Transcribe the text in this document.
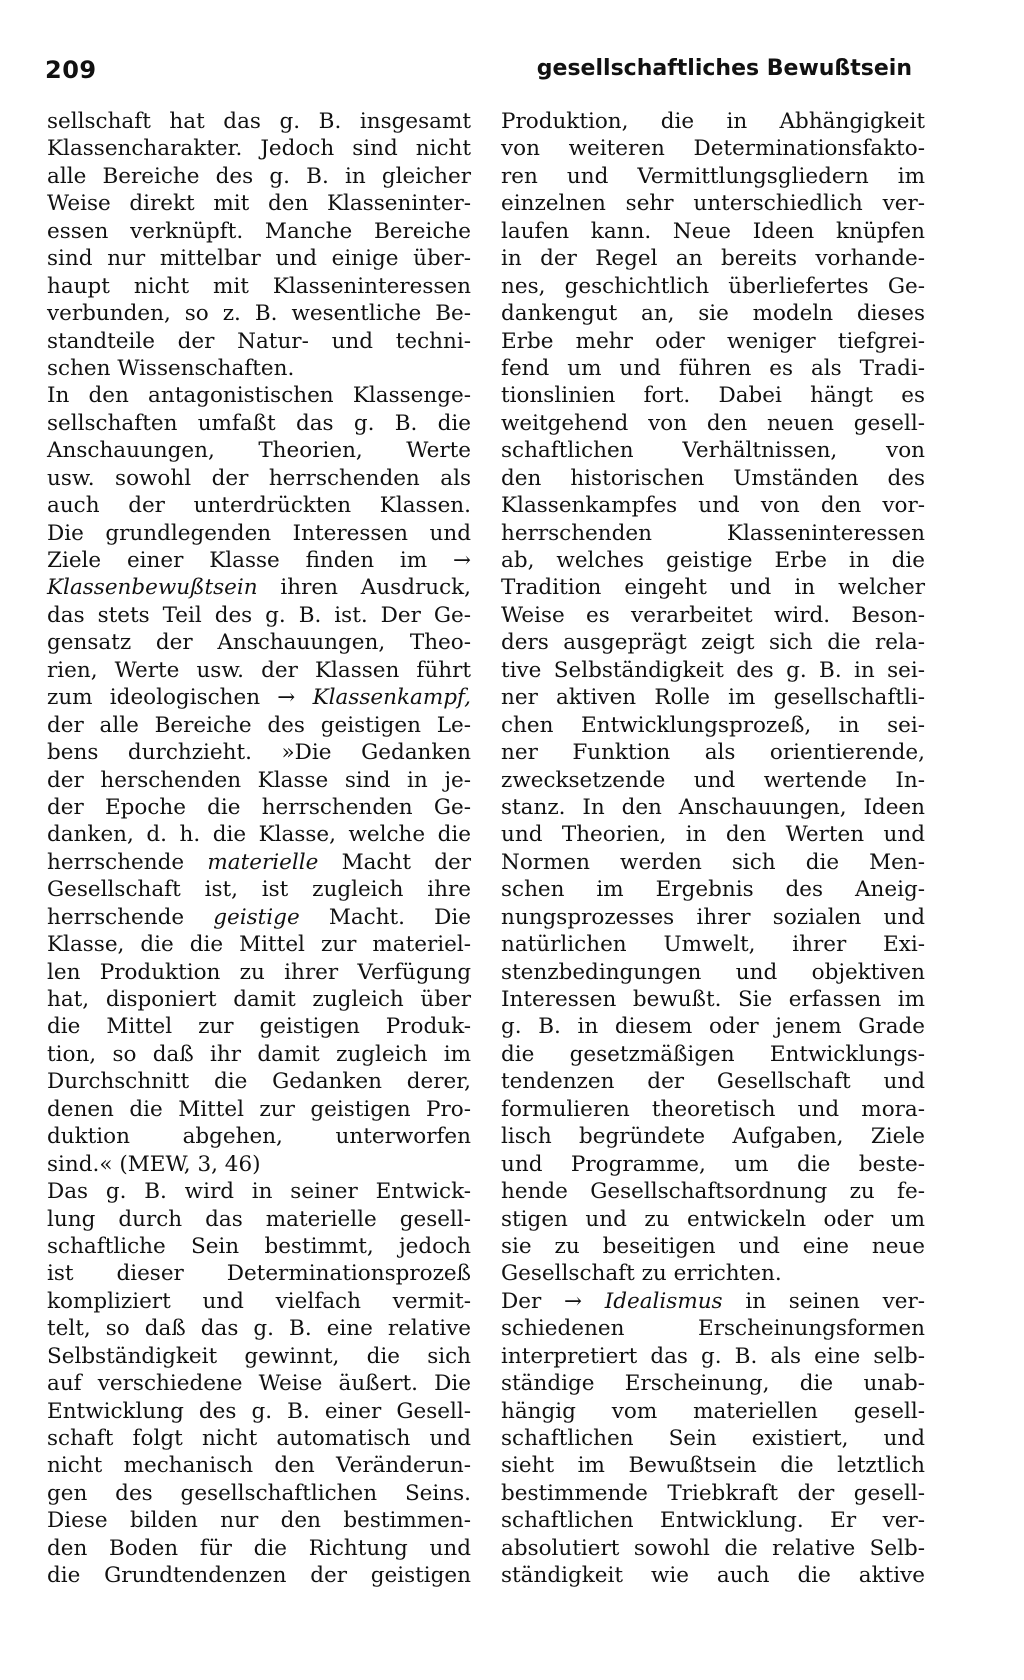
209	gesellschaftliches Bewußtsein
sellschaft hat das g. B. insgesamt
Klassencharakter. Jedoch sind nicht
alle Bereiche des g. B. in gleicher
Weise direkt mit den Klasseninter-
essen verknüpft. Manche Bereiche
sind nur mittelbar und einige über-
haupt nicht mit Klasseninteressen
verbunden, so z. B. wesentliche Be-
standteile der Natur- und techni-
schen Wissenschaften.
In den antagonistischen Klassenge-
sellschaften umfaßt das g. B. die
Anschauungen, Theorien, Werte
usw. sowohl der herrschenden als
auch der unterdrückten Klassen.
Die grundlegenden Interessen und
Ziele einer Klasse finden im →
Klassenbewußtsein ihren Ausdruck,
das stets Teil des g. B. ist. Der Ge-
gensatz der Anschauungen, Theo-
rien, Werte usw. der Klassen führt
zum ideologischen → Klassenkampf,
der alle Bereiche des geistigen Le-
bens durchzieht. »Die Gedanken
der herschenden Klasse sind in je-
der Epoche die herrschenden Ge-
danken, d. h. die Klasse, welche die
herrschende materielle Macht der
Gesellschaft ist, ist zugleich ihre
herrschende geistige Macht. Die
Klasse, die die Mittel zur materiel-
len Produktion zu ihrer Verfügung
hat, disponiert damit zugleich über
die Mittel zur geistigen Produk-
tion, so daß ihr damit zugleich im
Durchschnitt die Gedanken derer,
denen die Mittel zur geistigen Pro-
duktion abgehen, unterworfen
sind.« (MEW, 3, 46)
Das g. B. wird in seiner Entwick-
lung durch das materielle gesell-
schaftliche Sein bestimmt, jedoch
ist dieser Determinationsprozeß
kompliziert und vielfach vermit-
telt, so daß das g. B. eine relative
Selbständigkeit gewinnt, die sich
auf verschiedene Weise äußert. Die
Entwicklung des g. B. einer Gesell-
schaft folgt nicht automatisch und
nicht mechanisch den Veränderun-
gen des gesellschaftlichen Seins.
Diese bilden nur den bestimmen-
den Boden für die Richtung und
die Grundtendenzen der geistigen
Produktion, die in Abhängigkeit
von weiteren Determinationsfakto-
ren und Vermittlungsgliedern im
einzelnen sehr unterschiedlich ver-
laufen kann. Neue Ideen knüpfen
in der Regel an bereits vorhande-
nes, geschichtlich überliefertes Ge-
dankengut an, sie modeln dieses
Erbe mehr oder weniger tiefgrei-
fend um und führen es als Tradi-
tionslinien fort. Dabei hängt es
weitgehend von den neuen gesell-
schaftlichen Verhältnissen, von
den historischen Umständen des
Klassenkampfes und von den vor-
herrschenden Klasseninteressen
ab, welches geistige Erbe in die
Tradition eingeht und in welcher
Weise es verarbeitet wird. Beson-
ders ausgeprägt zeigt sich die rela-
tive Selbständigkeit des g. B. in sei-
ner aktiven Rolle im gesellschaftli-
chen Entwicklungsprozeß, in sei-
ner Funktion als orientierende,
zwecksetzende und wertende In-
stanz. In den Anschauungen, Ideen
und Theorien, in den Werten und
Normen werden sich die Men-
schen im Ergebnis des Aneig-
nungsprozesses ihrer sozialen und
natürlichen Umwelt, ihrer Exi-
stenzbedingungen und objektiven
Interessen bewußt. Sie erfassen im
g. B. in diesem oder jenem Grade
die gesetzmäßigen Entwicklungs-
tendenzen der Gesellschaft und
formulieren theoretisch und mora-
lisch begründete Aufgaben, Ziele
und Programme, um die beste-
hende Gesellschaftsordnung zu fe-
stigen und zu entwickeln oder um
sie zu beseitigen und eine neue
Gesellschaft zu errichten.
Der → Idealismus in seinen ver-
schiedenen Erscheinungsformen
interpretiert das g. B. als eine selb-
ständige Erscheinung, die unab-
hängig vom materiellen gesell-
schaftlichen Sein existiert, und
sieht im Bewußtsein die letztlich
bestimmende Triebkraft der gesell-
schaftlichen Entwicklung. Er ver-
absolutiert sowohl die relative Selb-
ständigkeit wie auch die aktive
